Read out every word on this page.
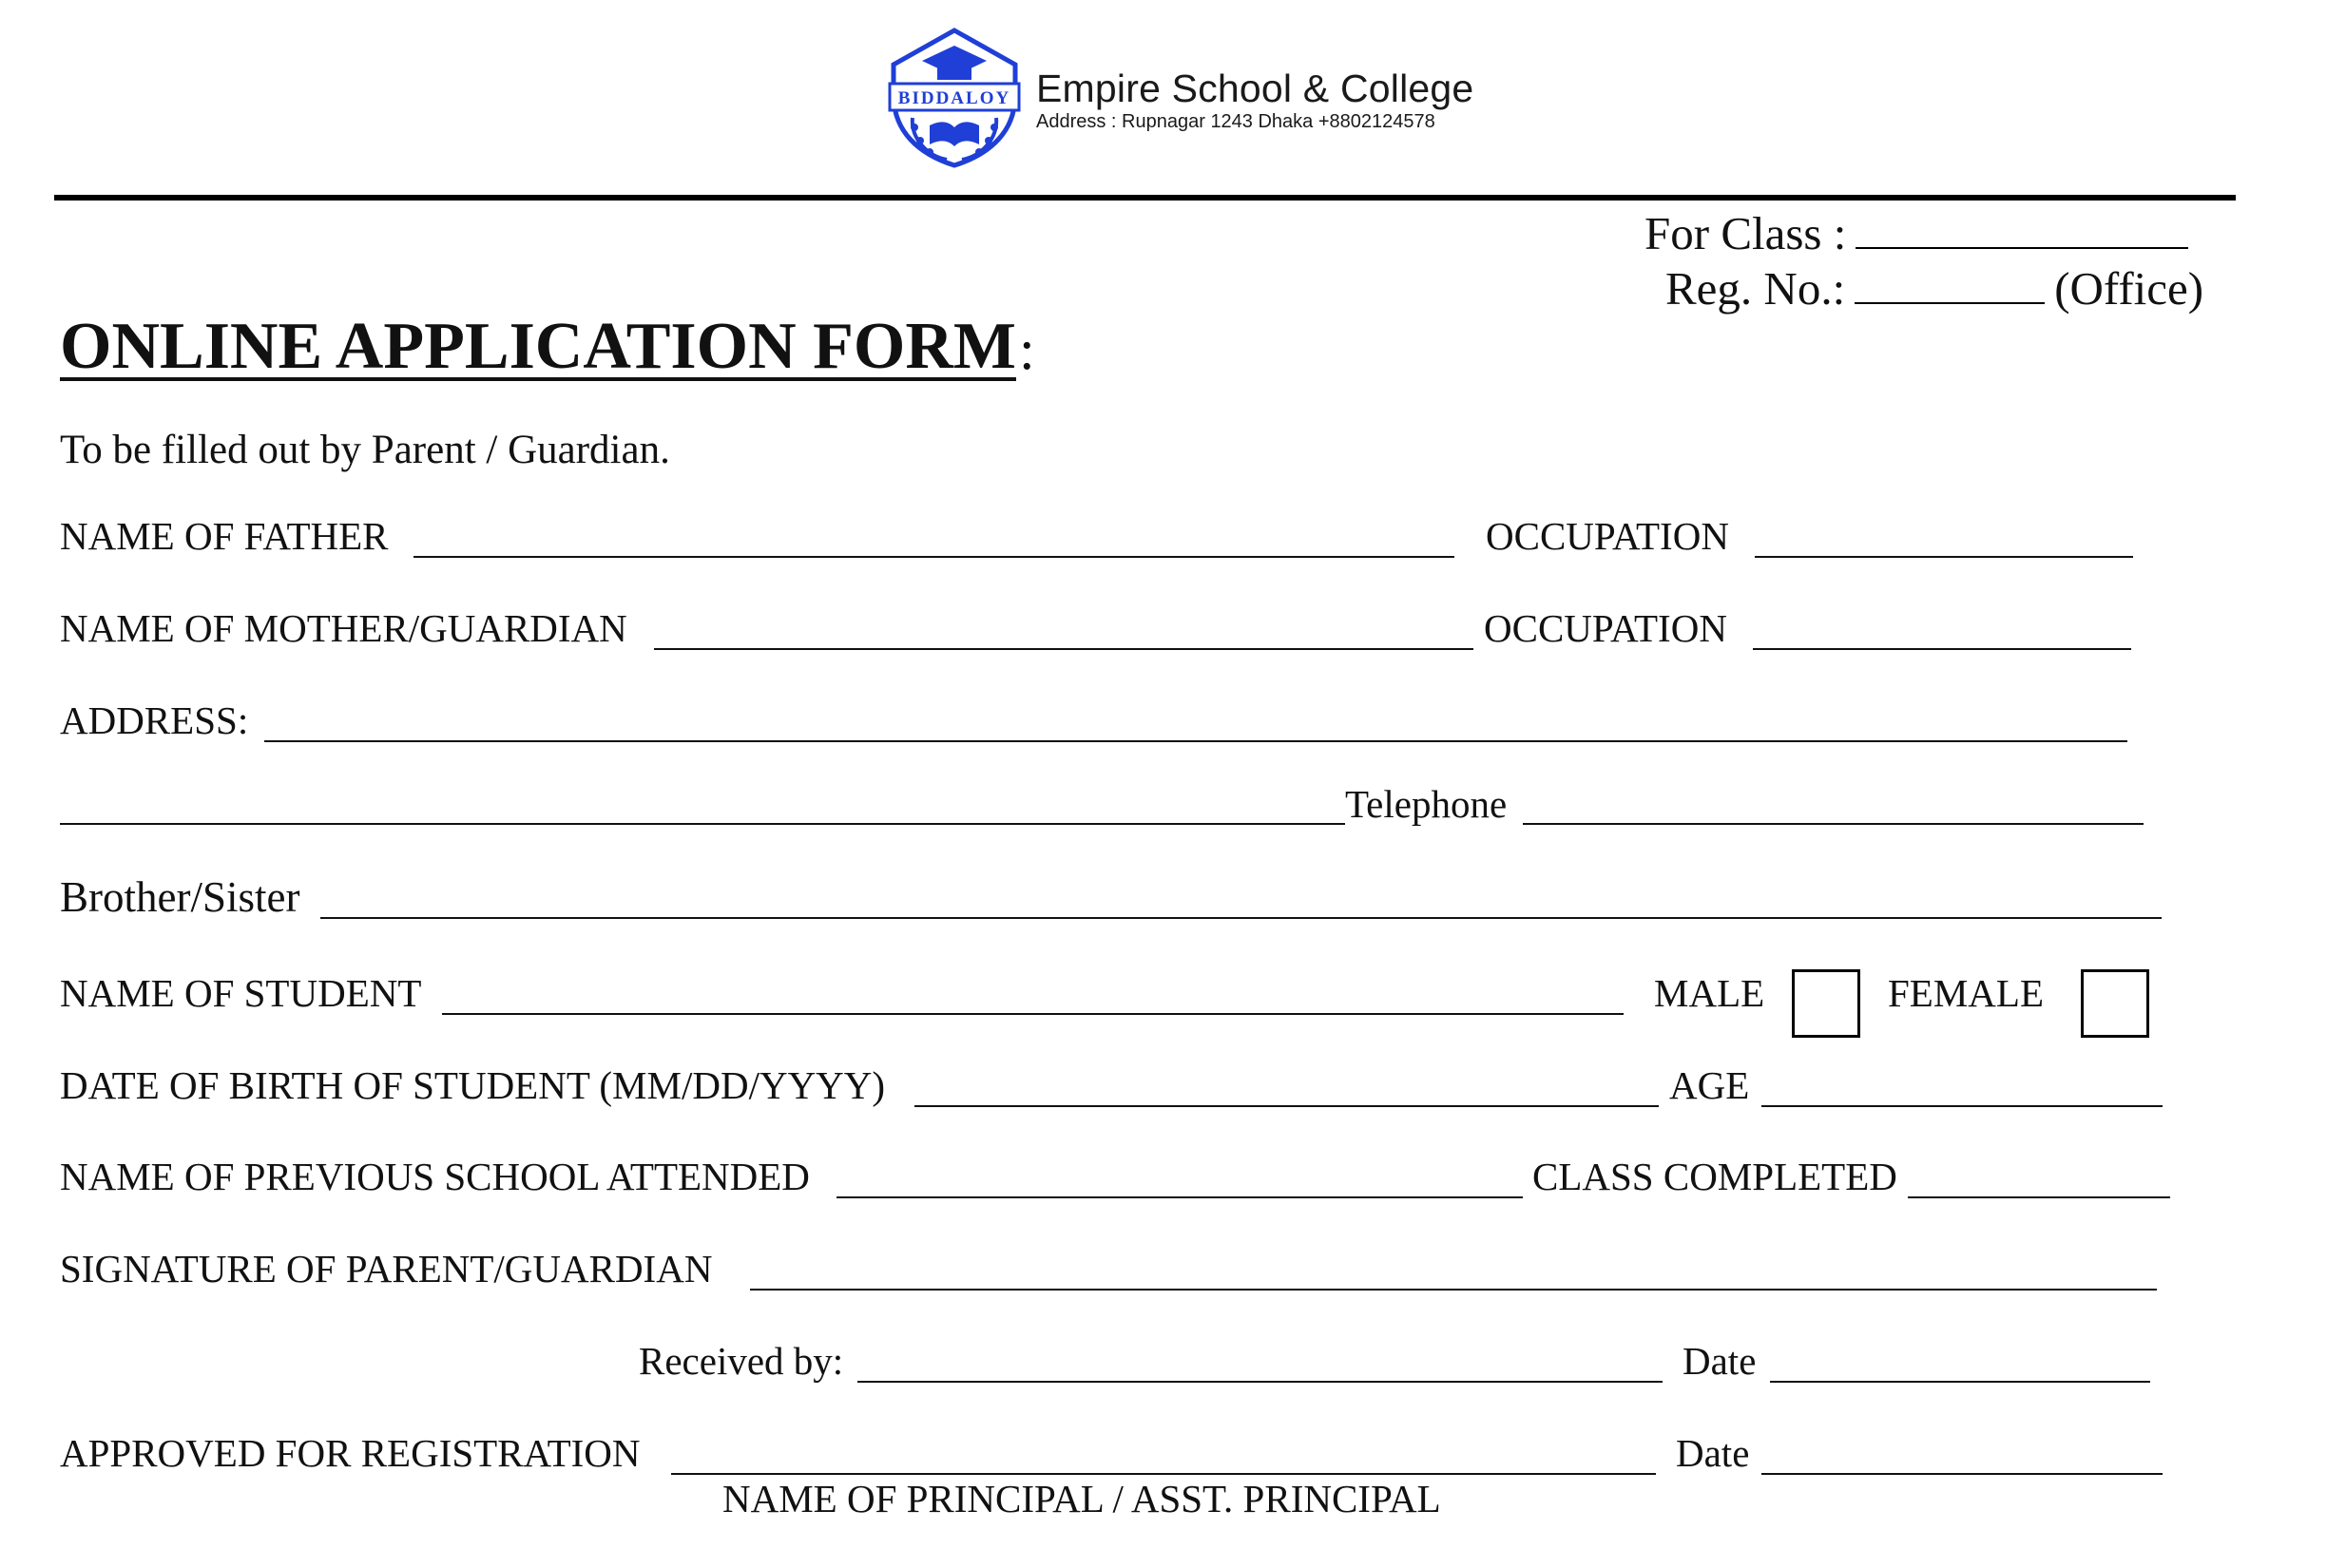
BIDDALOY Empire School & College
Address : Rupnagar 1243 Dhaka +8802124578
For Class :
Reg. No.:	(Office)
ONLINE APPLICATION FORM :
To be filled out by Parent / Guardian.
NAME OF FATHER	OCCUPATION
NAME OF MOTHER/GUARDIAN	OCCUPATION
ADDRESS:
Telephone
Brother/Sister
NAME OF STUDENT	MALE	FEMALE
DATE OF BIRTH OF STUDENT (MM/DD/YYYY)	AGE
NAME OF PREVIOUS SCHOOL ATTENDED	CLASS COMPLETED
SIGNATURE OF PARENT/GUARDIAN
Received by:	Date
APPROVED FOR REGISTRATION	Date
NAME OF PRINCIPAL / ASST. PRINCIPAL
